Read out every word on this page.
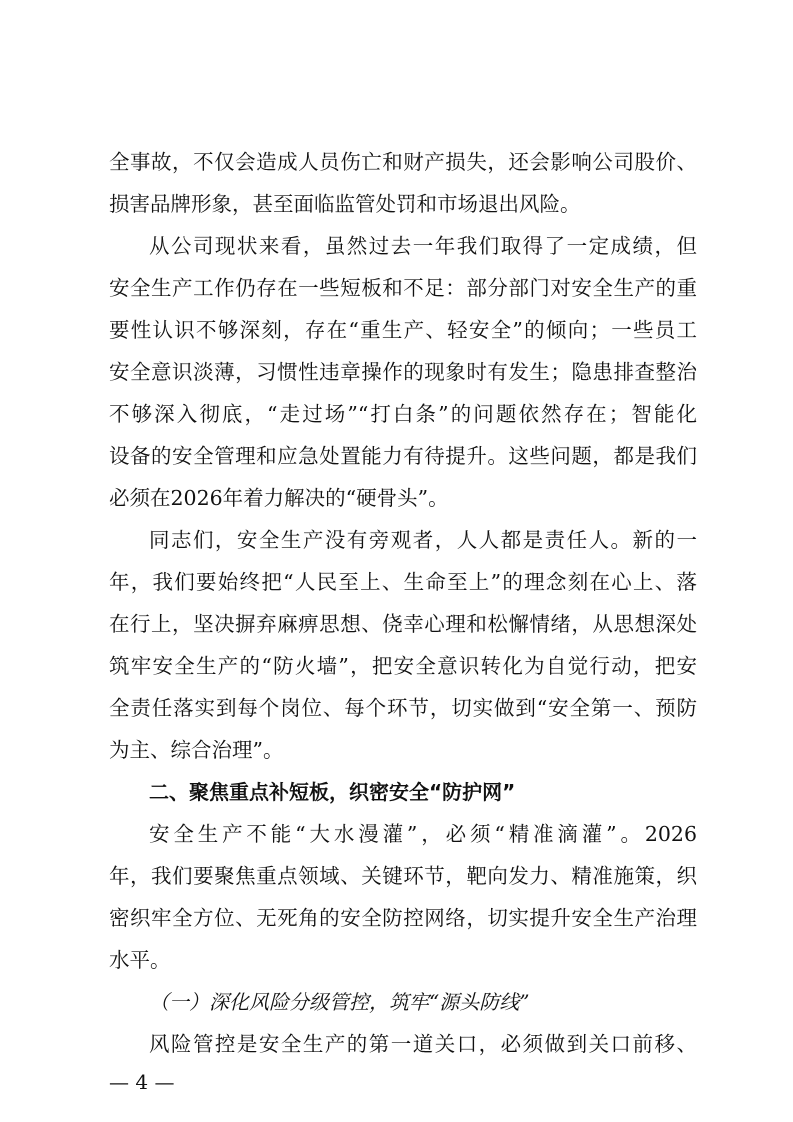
全事故，不仅会造成人员伤亡和财产损失，还会影响公司股价、
损害品牌形象，甚至面临监管处罚和市场退出风险。
从公司现状来看，虽然过去一年我们取得了一定成绩，但
安全生产工作仍存在一些短板和不足：部分部门对安全生产的重
要性认识不够深刻，存在“重生产、轻安全”的倾向；一些员工
安全意识淡薄，习惯性违章操作的现象时有发生；隐患排查整治
不够深入彻底，“走过场”“打白条”的问题依然存在；智能化
设备的安全管理和应急处置能力有待提升。这些问题，都是我们
必须在2026年着力解决的“硬骨头”。
同志们，安全生产没有旁观者，人人都是责任人。新的一
年，我们要始终把“人民至上、生命至上”的理念刻在心上、落
在行上，坚决摒弃麻痹思想、侥幸心理和松懈情绪，从思想深处
筑牢安全生产的“防火墙”，把安全意识转化为自觉行动，把安
全责任落实到每个岗位、每个环节，切实做到“安全第一、预防
为主、综合治理”。
二、聚焦重点补短板，织密安全“防护网”
安全生产不能“大水漫灌”，必须“精准滴灌”。2026
年，我们要聚焦重点领域、关键环节，靶向发力、精准施策，织
密织牢全方位、无死角的安全防控网络，切实提升安全生产治理
水平。
（一）深化风险分级管控，筑牢“源头防线”
风险管控是安全生产的第一道关口，必须做到关口前移、
— 4 —
